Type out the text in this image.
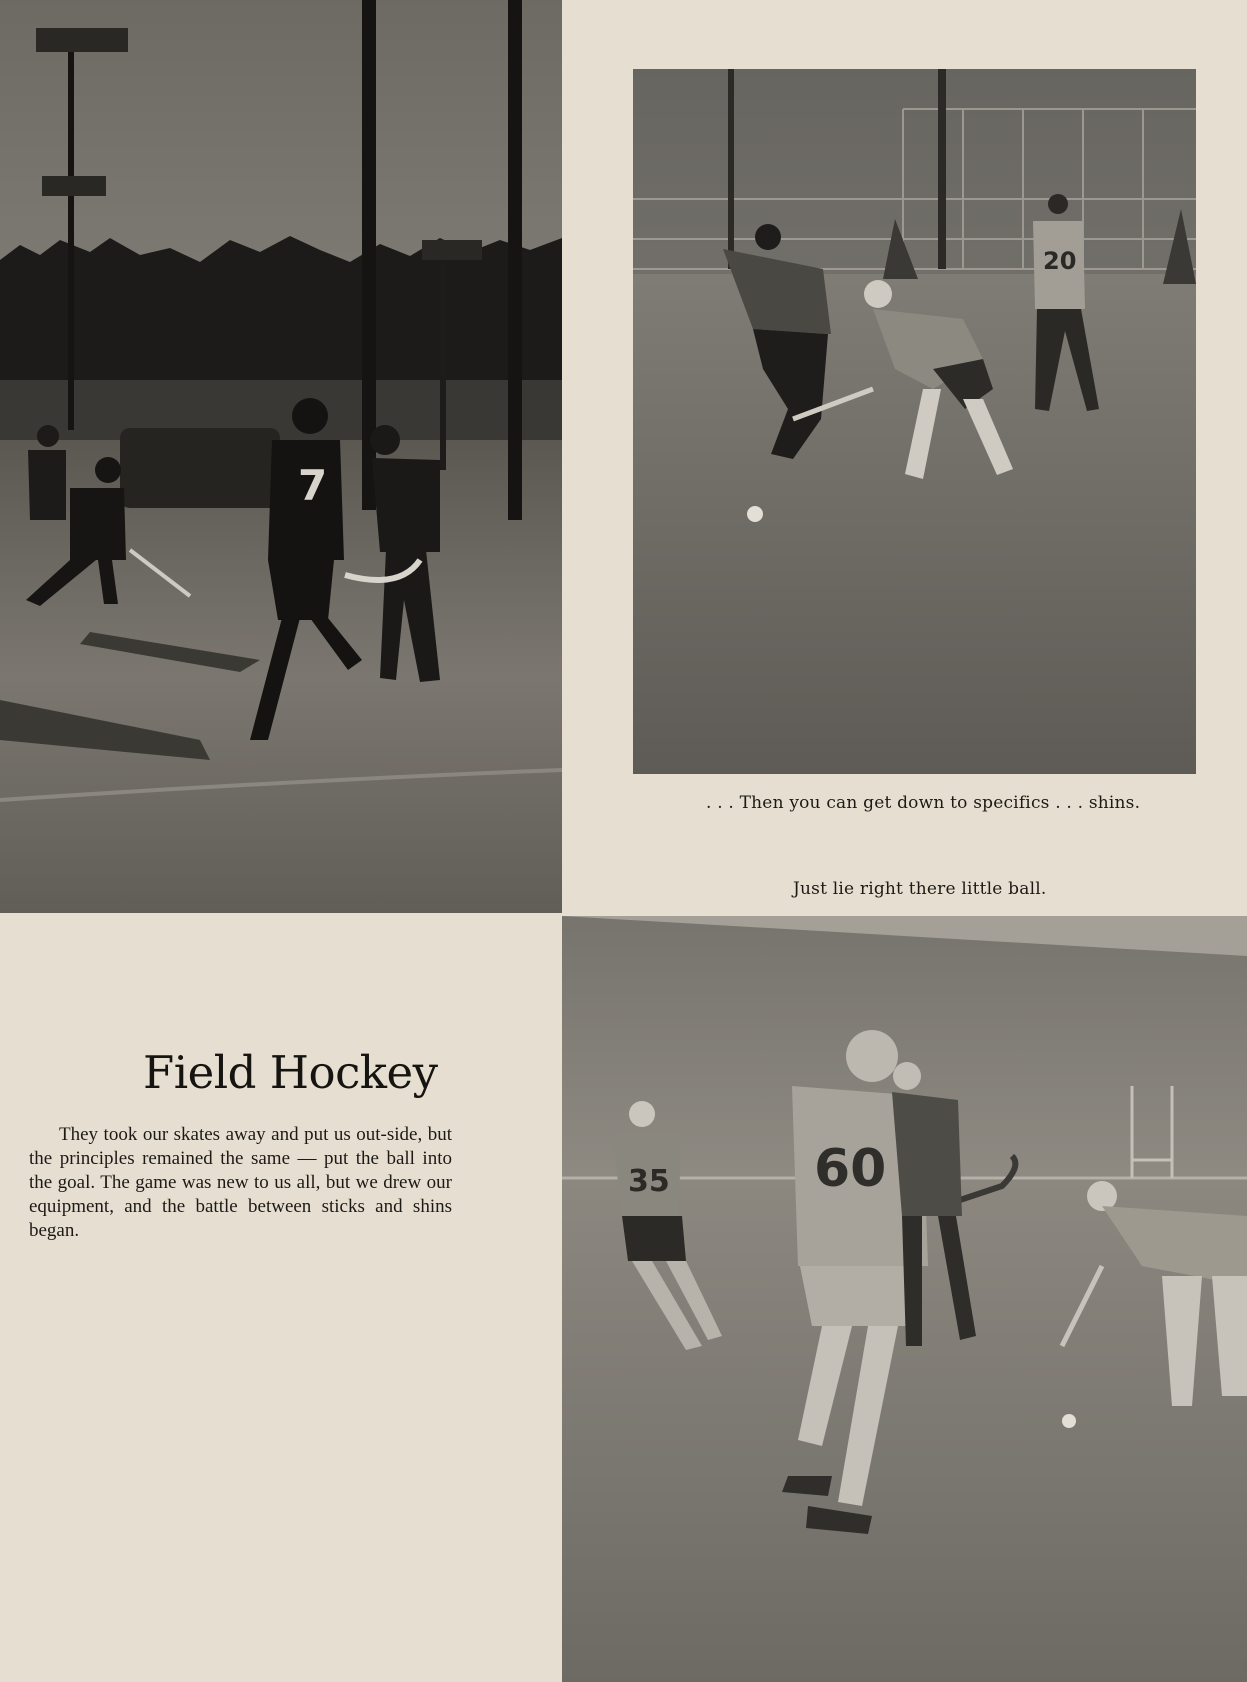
7
20
. . . Then you can get down to specifics . . . shins.
Just lie right there little ball.
35	60
Field Hockey

They took our skates away and put us out-side, but the principles remained the same — put the ball into the goal. The game was new to us all, but we drew our equipment, and the battle between sticks and shins began.
